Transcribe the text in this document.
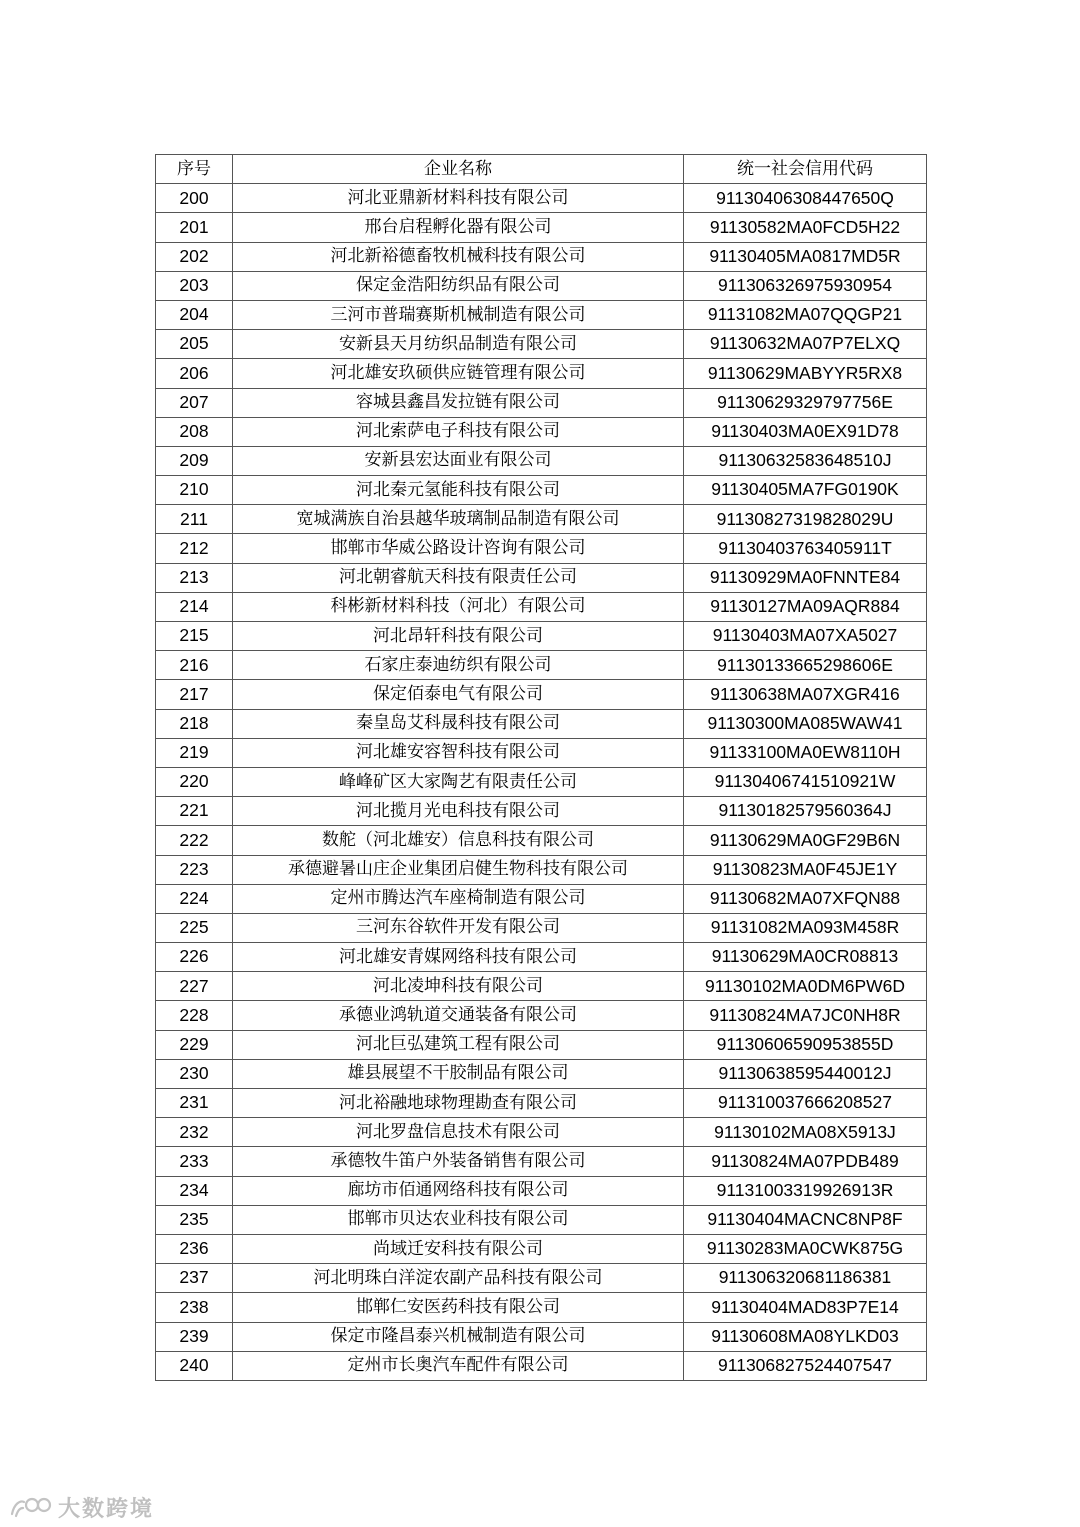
序号	企业名称	统一社会信用代码
200	河北亚鼎新材料科技有限公司	91130406308447650Q
201	邢台启程孵化器有限公司	91130582MA0FCD5H22
202	河北新裕德畜牧机械科技有限公司	91130405MA0817MD5R
203	保定金浩阳纺织品有限公司	911306326975930954
204	三河市普瑞赛斯机械制造有限公司	91131082MA07QQGP21
205	安新县天月纺织品制造有限公司	91130632MA07P7ELXQ
206	河北雄安玖硕供应链管理有限公司	91130629MABYYR5RX8
207	容城县鑫昌发拉链有限公司	91130629329797756E
208	河北索萨电子科技有限公司	91130403MA0EX91D78
209	安新县宏达面业有限公司	91130632583648510J
210	河北秦元氢能科技有限公司	91130405MA7FG0190K
211	宽城满族自治县越华玻璃制品制造有限公司	91130827319828029U
212	邯郸市华威公路设计咨询有限公司	91130403763405911T
213	河北朝睿航天科技有限责任公司	91130929MA0FNNTE84
214	科彬新材料科技（河北）有限公司	91130127MA09AQR884
215	河北昂轩科技有限公司	91130403MA07XA5027
216	石家庄泰迪纺织有限公司	91130133665298606E
217	保定佰泰电气有限公司	91130638MA07XGR416
218	秦皇岛艾科晟科技有限公司	91130300MA085WAW41
219	河北雄安容智科技有限公司	91133100MA0EW8110H
220	峰峰矿区大家陶艺有限责任公司	91130406741510921W
221	河北揽月光电科技有限公司	91130182579560364J
222	数舵（河北雄安）信息科技有限公司	91130629MA0GF29B6N
223	承德避暑山庄企业集团启健生物科技有限公司	91130823MA0F45JE1Y
224	定州市腾达汽车座椅制造有限公司	91130682MA07XFQN88
225	三河东谷软件开发有限公司	91131082MA093M458R
226	河北雄安青媒网络科技有限公司	91130629MA0CR08813
227	河北凌坤科技有限公司	91130102MA0DM6PW6D
228	承德业鸿轨道交通装备有限公司	91130824MA7JC0NH8R
229	河北巨弘建筑工程有限公司	91130606590953855D
230	雄县展望不干胶制品有限公司	91130638595440012J
231	河北裕融地球物理勘查有限公司	911310037666208527
232	河北罗盘信息技术有限公司	91130102MA08X5913J
233	承德牧牛笛户外装备销售有限公司	91130824MA07PDB489
234	廊坊市佰通网络科技有限公司	91131003319926913R
235	邯郸市贝达农业科技有限公司	91130404MACNC8NP8F
236	尚域迁安科技有限公司	91130283MA0CWK875G
237	河北明珠白洋淀农副产品科技有限公司	911306320681186381
238	邯郸仁安医药科技有限公司	91130404MAD83P7E14
239	保定市隆昌泰兴机械制造有限公司	91130608MA08YLKD03
240	定州市长奥汽车配件有限公司	911306827524407547
大数跨境
